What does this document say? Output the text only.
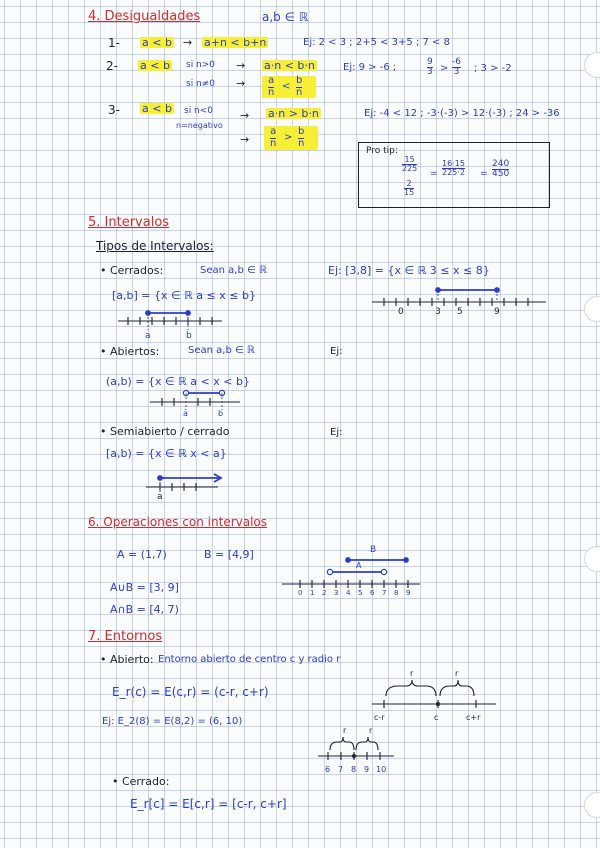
4. Desigualdades	a,b ∈ ℝ
1- a < b → a+n < b+n	Ej: 2 < 3 ; 2+5 < 3+5 ; 7 < 8
2- a < b si n>0 → a·n < b·n
si n≠0 → a
n <
b
n
Ej: 9 > -6 ;	9
3 >
-6
3 ; 3 > -2
3- a < b si n<0
n=negativo
→ a·n > b·n
→
a
n >
b
n
Ej: -4 < 12 ; -3·(-3) > 12·(-3) ; 24 > -36
Pro tip:
15
225
2
15
=
16·15
225·2 =
240
450
5. Intervalos
Tipos de Intervalos:
• Cerrados:	Sean a,b ∈ ℝ
[a,b] = {x ∈ ℝ a ≤ x ≤ b}
a	b
Ej: [3,8] = {x ∈ ℝ 3 ≤ x ≤ 8}
0	3 5	9
• Abiertos:	Sean a,b ∈ ℝ	Ej:
(a,b) = {x ∈ ℝ a < x < b}
a	b
• Semiabierto / cerrado	Ej:
[a,b) = {x ∈ ℝ x < a}
a
6. Operaciones con intervalos
A = (1,7)	B = [4,9]
A∪B = [3, 9]
A∩B = [4, 7)
B
A
0 1 2 3 4 5 6 7 8 9
7. Entornos
• Abierto: Entorno abierto de centro c y radio r
E_r(c) = E(c,r) = (c-r, c+r)
Ej: E_2(8) = E(8,2) = (6, 10)	c-r	c	c+r
r	r
6 7 8 9 10
r	r
• Cerrado:
E_r[c] = E[c,r] = [c-r, c+r]
